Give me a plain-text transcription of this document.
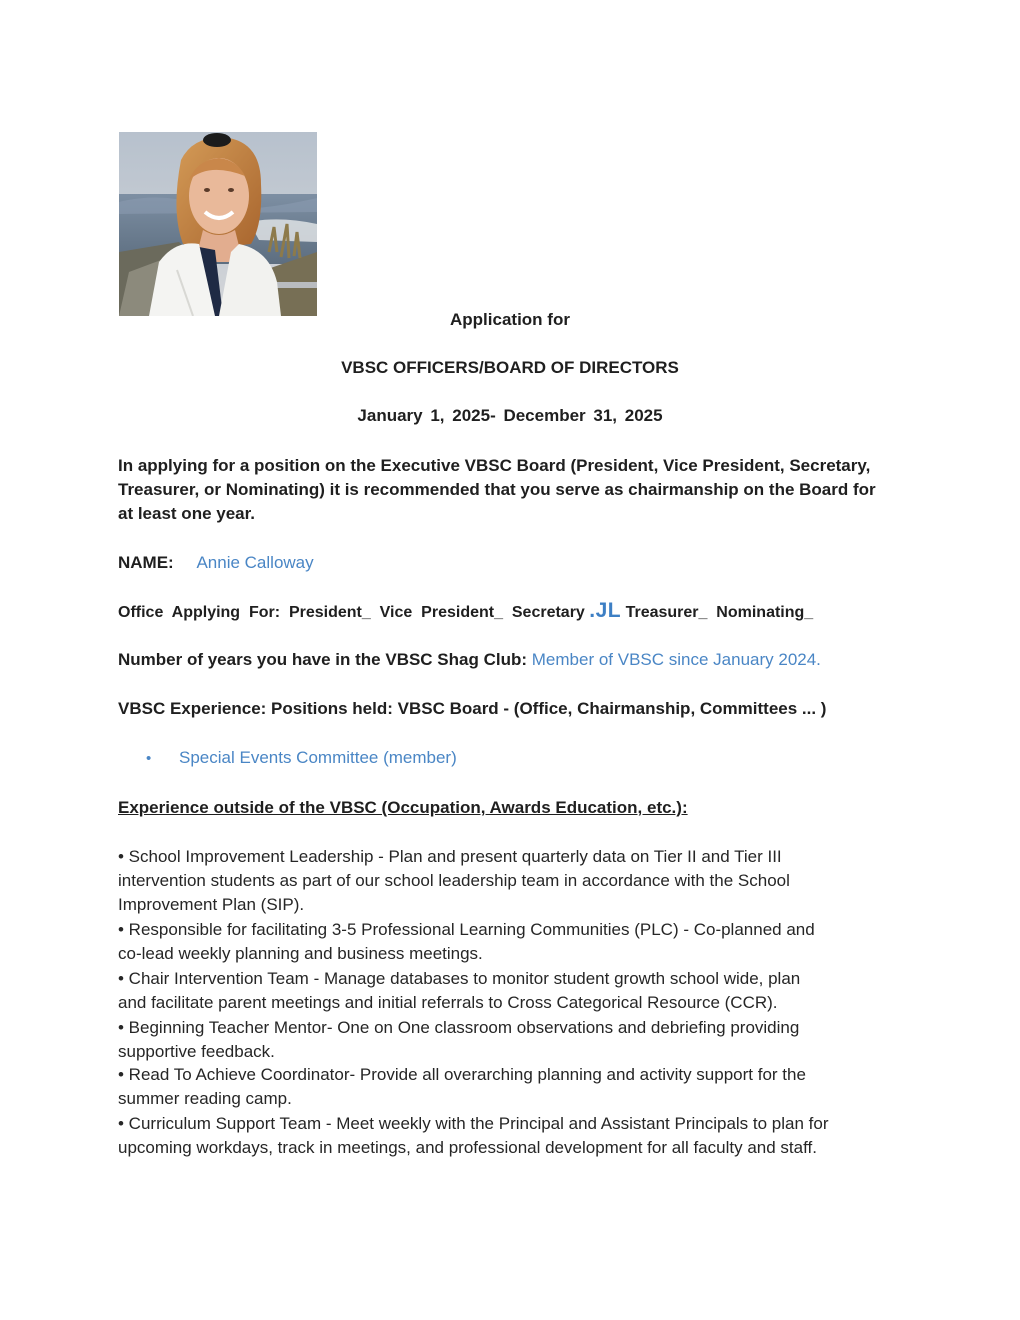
Application for
VBSC OFFICERS/BOARD OF DIRECTORS
January 1, 2025- December 31, 2025
In applying for a position on the Executive VBSC Board (President, Vice President, Secretary, Treasurer, or Nominating) it is recommended that you serve as chairmanship on the Board for at least one year.
NAME: Annie Calloway
Office  Applying  For:  President_  Vice  President_  Secretary .JL Treasurer_  Nominating_
Number of years you have in the VBSC Shag Club: Member of VBSC since January 2024.
VBSC Experience: Positions held: VBSC Board - (Office, Chairmanship, Committees ... )
• Special Events Committee (member)
Experience outside of the VBSC (Occupation, Awards Education, etc.):
• School Improvement Leadership - Plan and present quarterly data on Tier II and Tier III
intervention students as part of our school leadership team in accordance with the School
Improvement Plan (SIP).
• Responsible for facilitating 3-5 Professional Learning Communities (PLC) - Co-planned and
co-lead weekly planning and business meetings.
• Chair Intervention Team - Manage databases to monitor student growth school wide, plan
and facilitate parent meetings and initial referrals to Cross Categorical Resource (CCR).
• Beginning Teacher Mentor- One on One classroom observations and debriefing providing
supportive feedback.
• Read To Achieve Coordinator- Provide all overarching planning and activity support for the
summer reading camp.
• Curriculum Support Team - Meet weekly with the Principal and Assistant Principals to plan for
upcoming workdays, track in meetings, and professional development for all faculty and staff.
